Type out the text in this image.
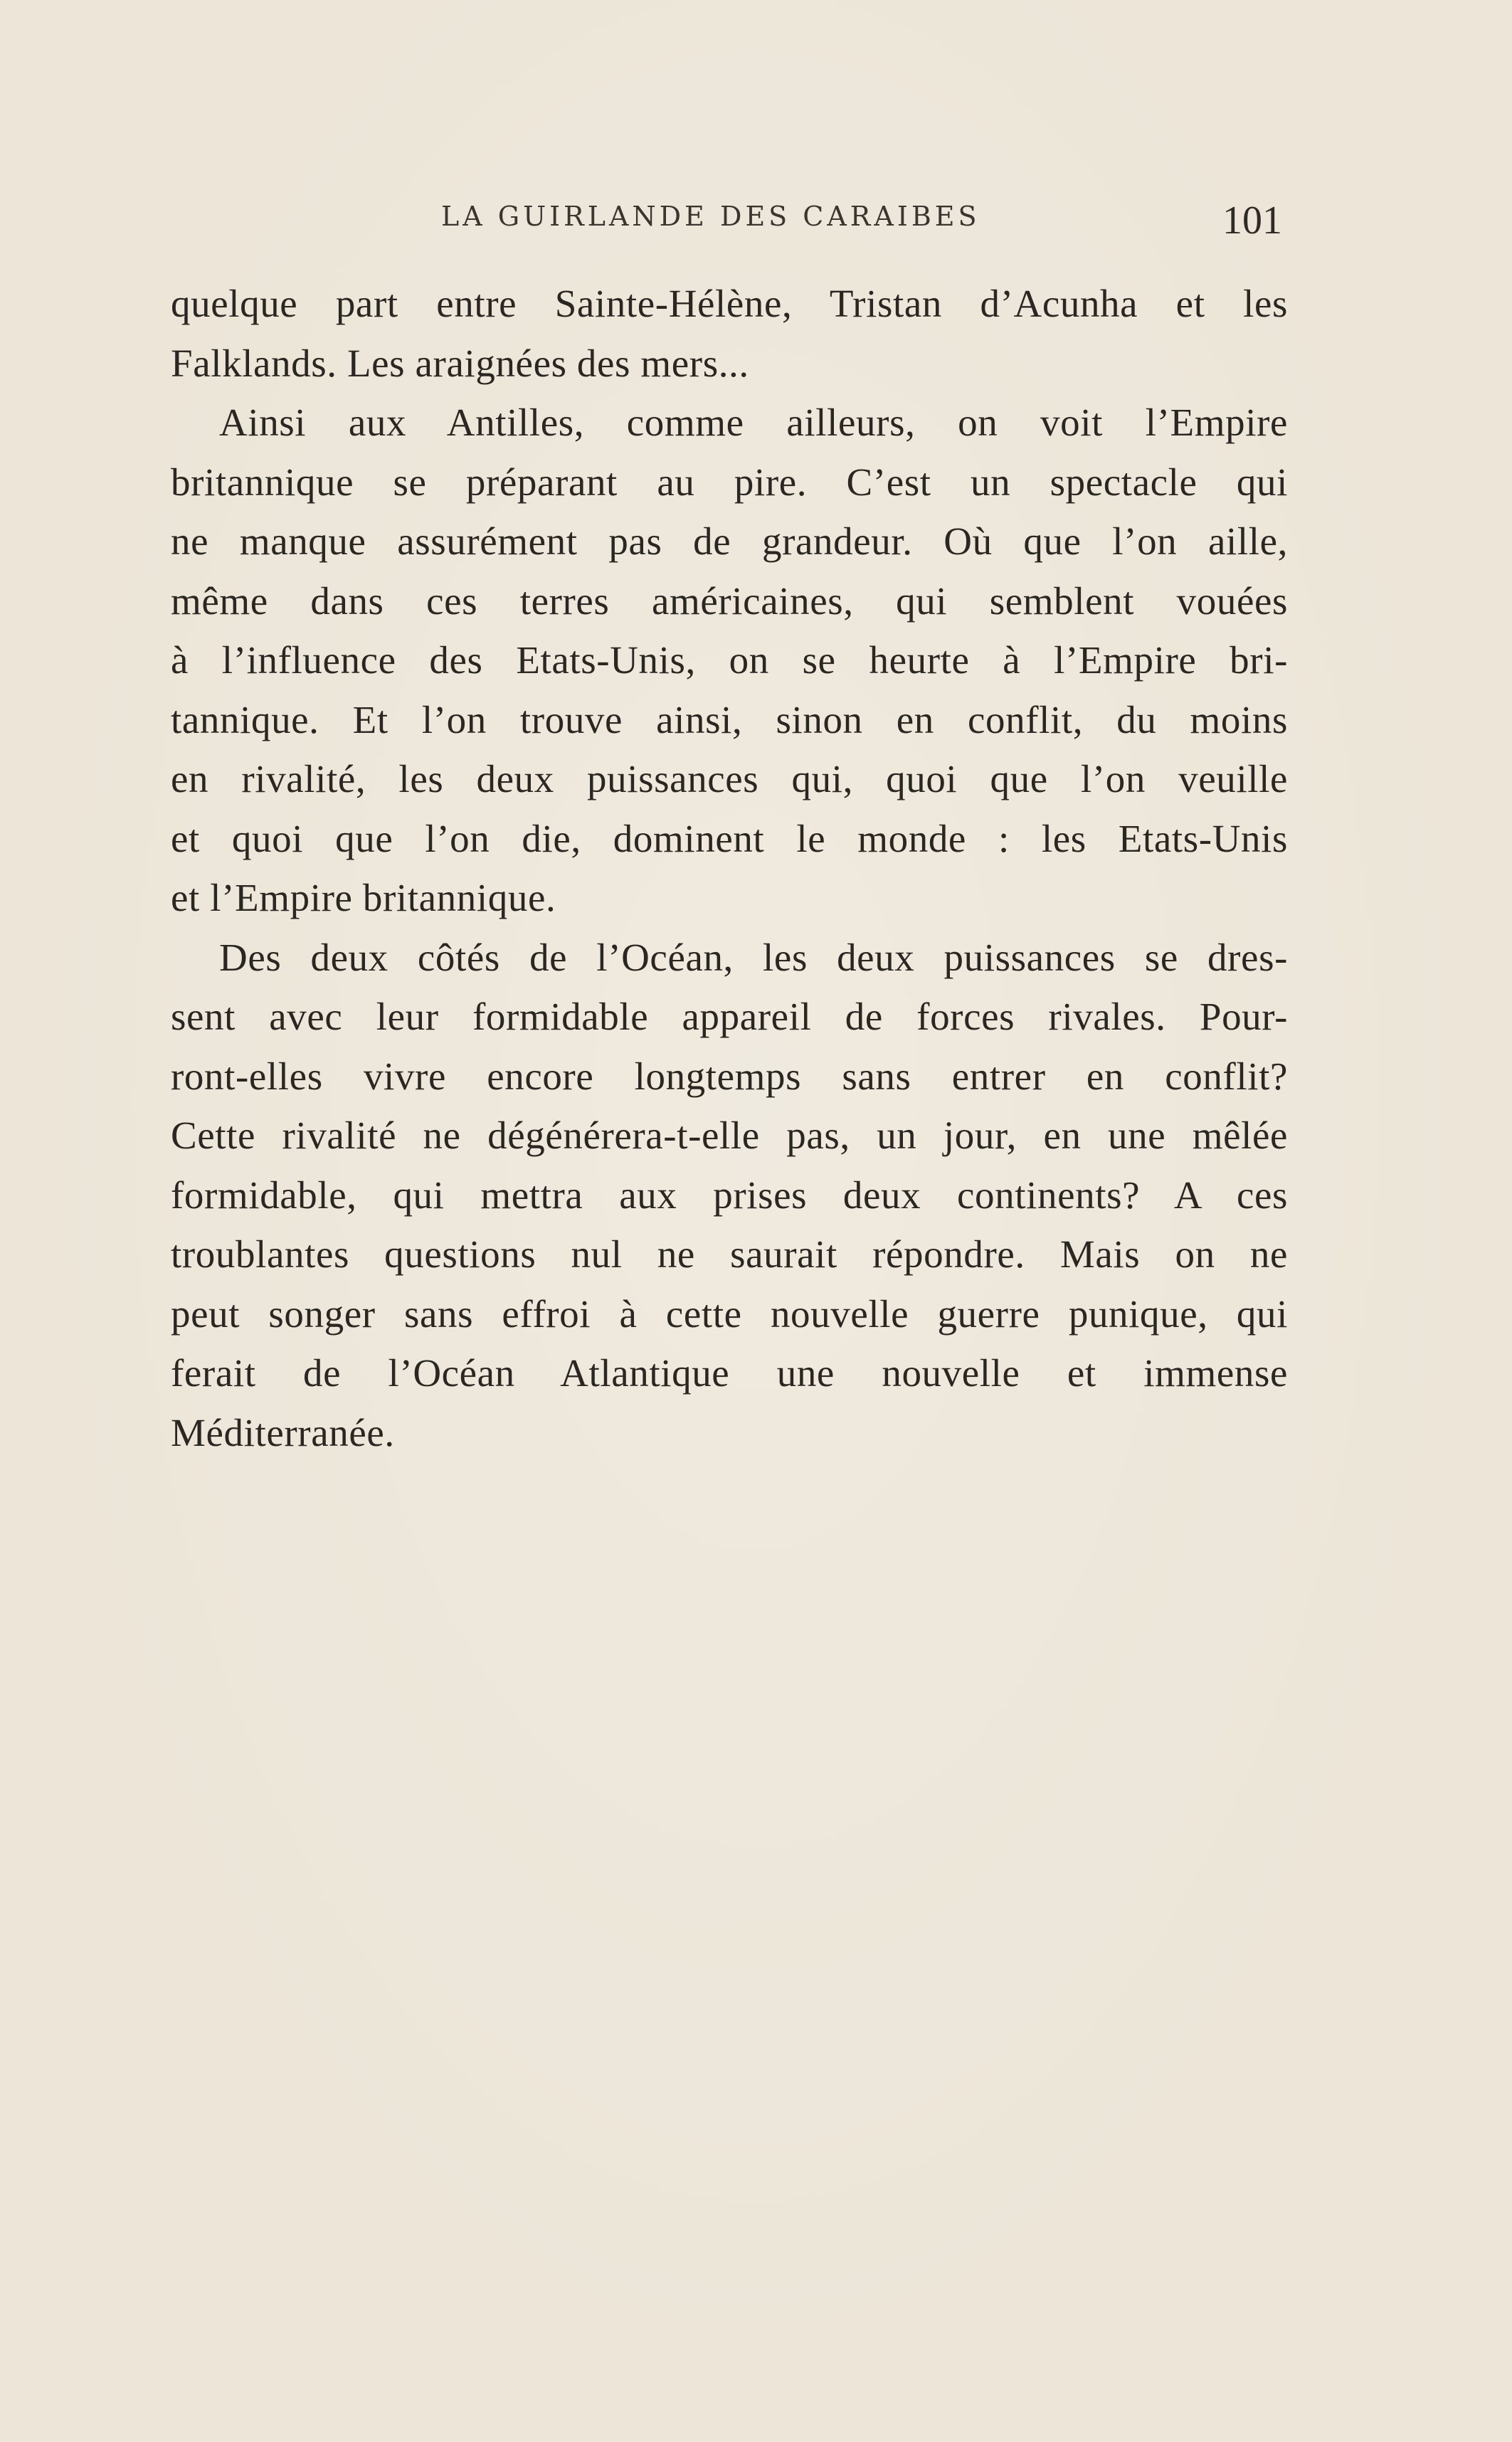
LA GUIRLANDE DES CARAIBES	101
quelque part entre Sainte-Hélène, Tristan d’Acunha et les
Falklands. Les araignées des mers...
Ainsi aux Antilles, comme ailleurs, on voit l’Empire
britannique se préparant au pire. C’est un spectacle qui
ne manque assurément pas de grandeur. Où que l’on aille,
même dans ces terres américaines, qui semblent vouées
à l’influence des Etats-Unis, on se heurte à l’Empire bri-
tannique. Et l’on trouve ainsi, sinon en conflit, du moins
en rivalité, les deux puissances qui, quoi que l’on veuille
et quoi que l’on die, dominent le monde : les Etats-Unis
et l’Empire britannique.
Des deux côtés de l’Océan, les deux puissances se dres-
sent avec leur formidable appareil de forces rivales. Pour-
ront-elles vivre encore longtemps sans entrer en conflit?
Cette rivalité ne dégénérera-t-elle pas, un jour, en une mêlée
formidable, qui mettra aux prises deux continents? A ces
troublantes questions nul ne saurait répondre. Mais on ne
peut songer sans effroi à cette nouvelle guerre punique, qui
ferait de l’Océan Atlantique une nouvelle et immense
Méditerranée.
